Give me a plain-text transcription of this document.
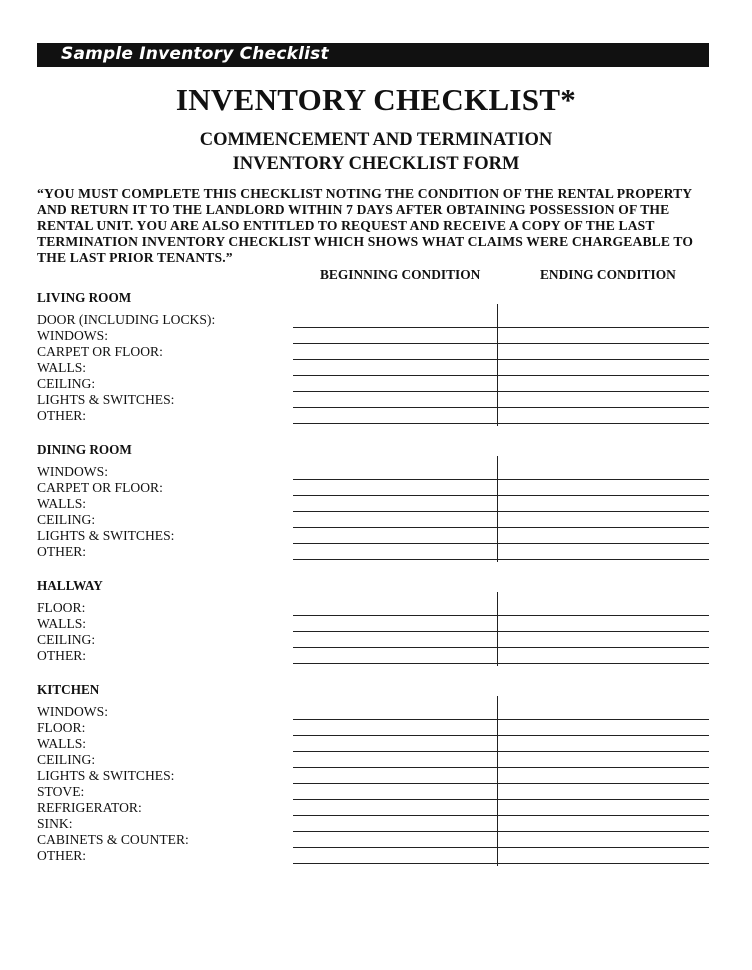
Sample Inventory Checklist
INVENTORY CHECKLIST*
COMMENCEMENT AND TERMINATION
INVENTORY CHECKLIST FORM
“YOU MUST COMPLETE THIS CHECKLIST NOTING THE CONDITION OF THE RENTAL PROPERTY
AND RETURN IT TO THE LANDLORD WITHIN 7 DAYS AFTER OBTAINING POSSESSION OF THE
RENTAL UNIT. YOU ARE ALSO ENTITLED TO REQUEST AND RECEIVE A COPY OF THE LAST
TERMINATION INVENTORY CHECKLIST WHICH SHOWS WHAT CLAIMS WERE CHARGEABLE TO
THE LAST PRIOR TENANTS.”
BEGINNING CONDITION	ENDING CONDITION
LIVING ROOM
DOOR (INCLUDING LOCKS):
WINDOWS:
CARPET OR FLOOR:
WALLS:
CEILING:
LIGHTS & SWITCHES:
OTHER:
DINING ROOM
WINDOWS:
CARPET OR FLOOR:
WALLS:
CEILING:
LIGHTS & SWITCHES:
OTHER:
HALLWAY
FLOOR:
WALLS:
CEILING:
OTHER:
KITCHEN
WINDOWS:
FLOOR:
WALLS:
CEILING:
LIGHTS & SWITCHES:
STOVE:
REFRIGERATOR:
SINK:
CABINETS & COUNTER:
OTHER:
